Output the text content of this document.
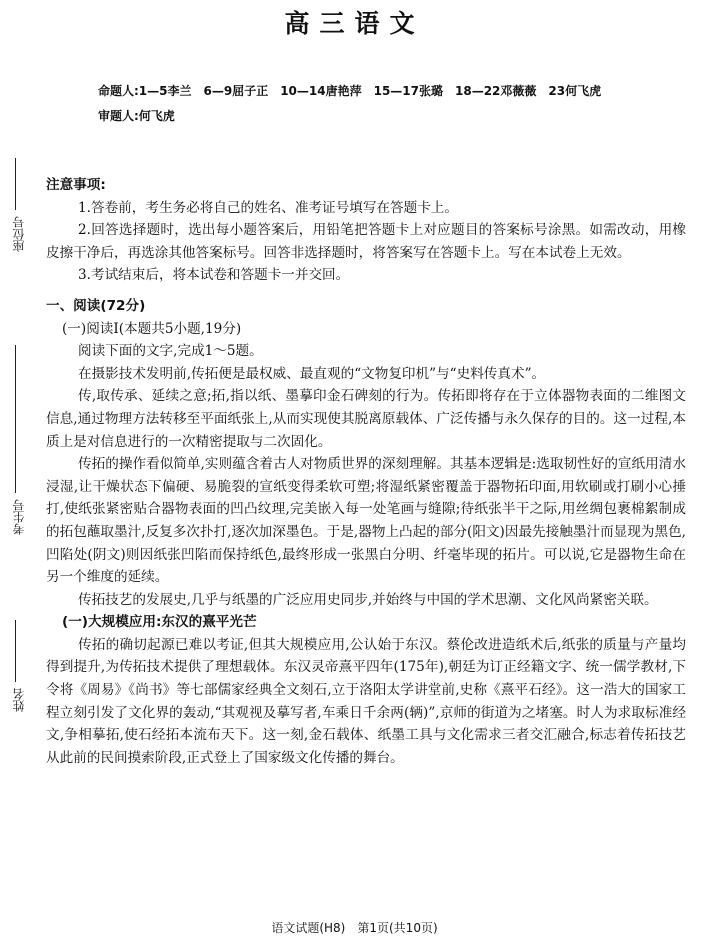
高三语文
命题人:1—5李兰　6—9屈子正　10—14唐艳萍　15—17张璐　18—22邓薇薇　23何飞虎
审题人:何飞虎
座位号
考生号
姓名

注意事项:

1.答卷前，考生务必将自己的姓名、准考证号填写在答题卡上。

2.回答选择题时，选出每小题答案后，用铅笔把答题卡上对应题目的答案标号涂黑。如需改动，用橡皮擦干净后，再选涂其他答案标号。回答非选择题时，将答案写在答题卡上。写在本试卷上无效。

3.考试结束后，将本试卷和答题卡一并交回。

一、阅读(72分)

(一)阅读Ⅰ(本题共5小题,19分)

阅读下面的文字,完成1～5题。

在摄影技术发明前,传拓便是最权威、最直观的“文物复印机”与“史料传真术”。

传,取传承、延续之意;拓,指以纸、墨摹印金石碑刻的行为。传拓即将存在于立体器物表面的二维图文信息,通过物理方法转移至平面纸张上,从而实现使其脱离原载体、广泛传播与永久保存的目的。这一过程,本质上是对信息进行的一次精密提取与二次固化。

传拓的操作看似简单,实则蕴含着古人对物质世界的深刻理解。其基本逻辑是:选取韧性好的宣纸用清水浸湿,让干燥状态下偏硬、易脆裂的宣纸变得柔软可塑;将湿纸紧密覆盖于器物拓印面,用软刷或打刷小心捶打,使纸张紧密贴合器物表面的凹凸纹理,完美嵌入每一处笔画与缝隙;待纸张半干之际,用丝绸包裹棉絮制成的拓包蘸取墨汁,反复多次扑打,逐次加深墨色。于是,器物上凸起的部分(阳文)因最先接触墨汁而显现为黑色,凹陷处(阴文)则因纸张凹陷而保持纸色,最终形成一张黑白分明、纤毫毕现的拓片。可以说,它是器物生命在另一个维度的延续。

传拓技艺的发展史,几乎与纸墨的广泛应用史同步,并始终与中国的学术思潮、文化风尚紧密关联。

(一)大规模应用:东汉的熹平光芒

传拓的确切起源已难以考证,但其大规模应用,公认始于东汉。蔡伦改进造纸术后,纸张的质量与产量均得到提升,为传拓技术提供了理想载体。东汉灵帝熹平四年(175年),朝廷为订正经籍文字、统一儒学教材,下令将《周易》《尚书》等七部儒家经典全文刻石,立于洛阳太学讲堂前,史称《熹平石经》。这一浩大的国家工程立刻引发了文化界的轰动,“其观视及摹写者,车乘日千余两(辆)”,京师的街道为之堵塞。时人为求取标准经文,争相摹拓,使石经拓本流布天下。这一刻,金石载体、纸墨工具与文化需求三者交汇融合,标志着传拓技艺从此前的民间摸索阶段,正式登上了国家级文化传播的舞台。

语文试题(H8)　第1页(共10页)
